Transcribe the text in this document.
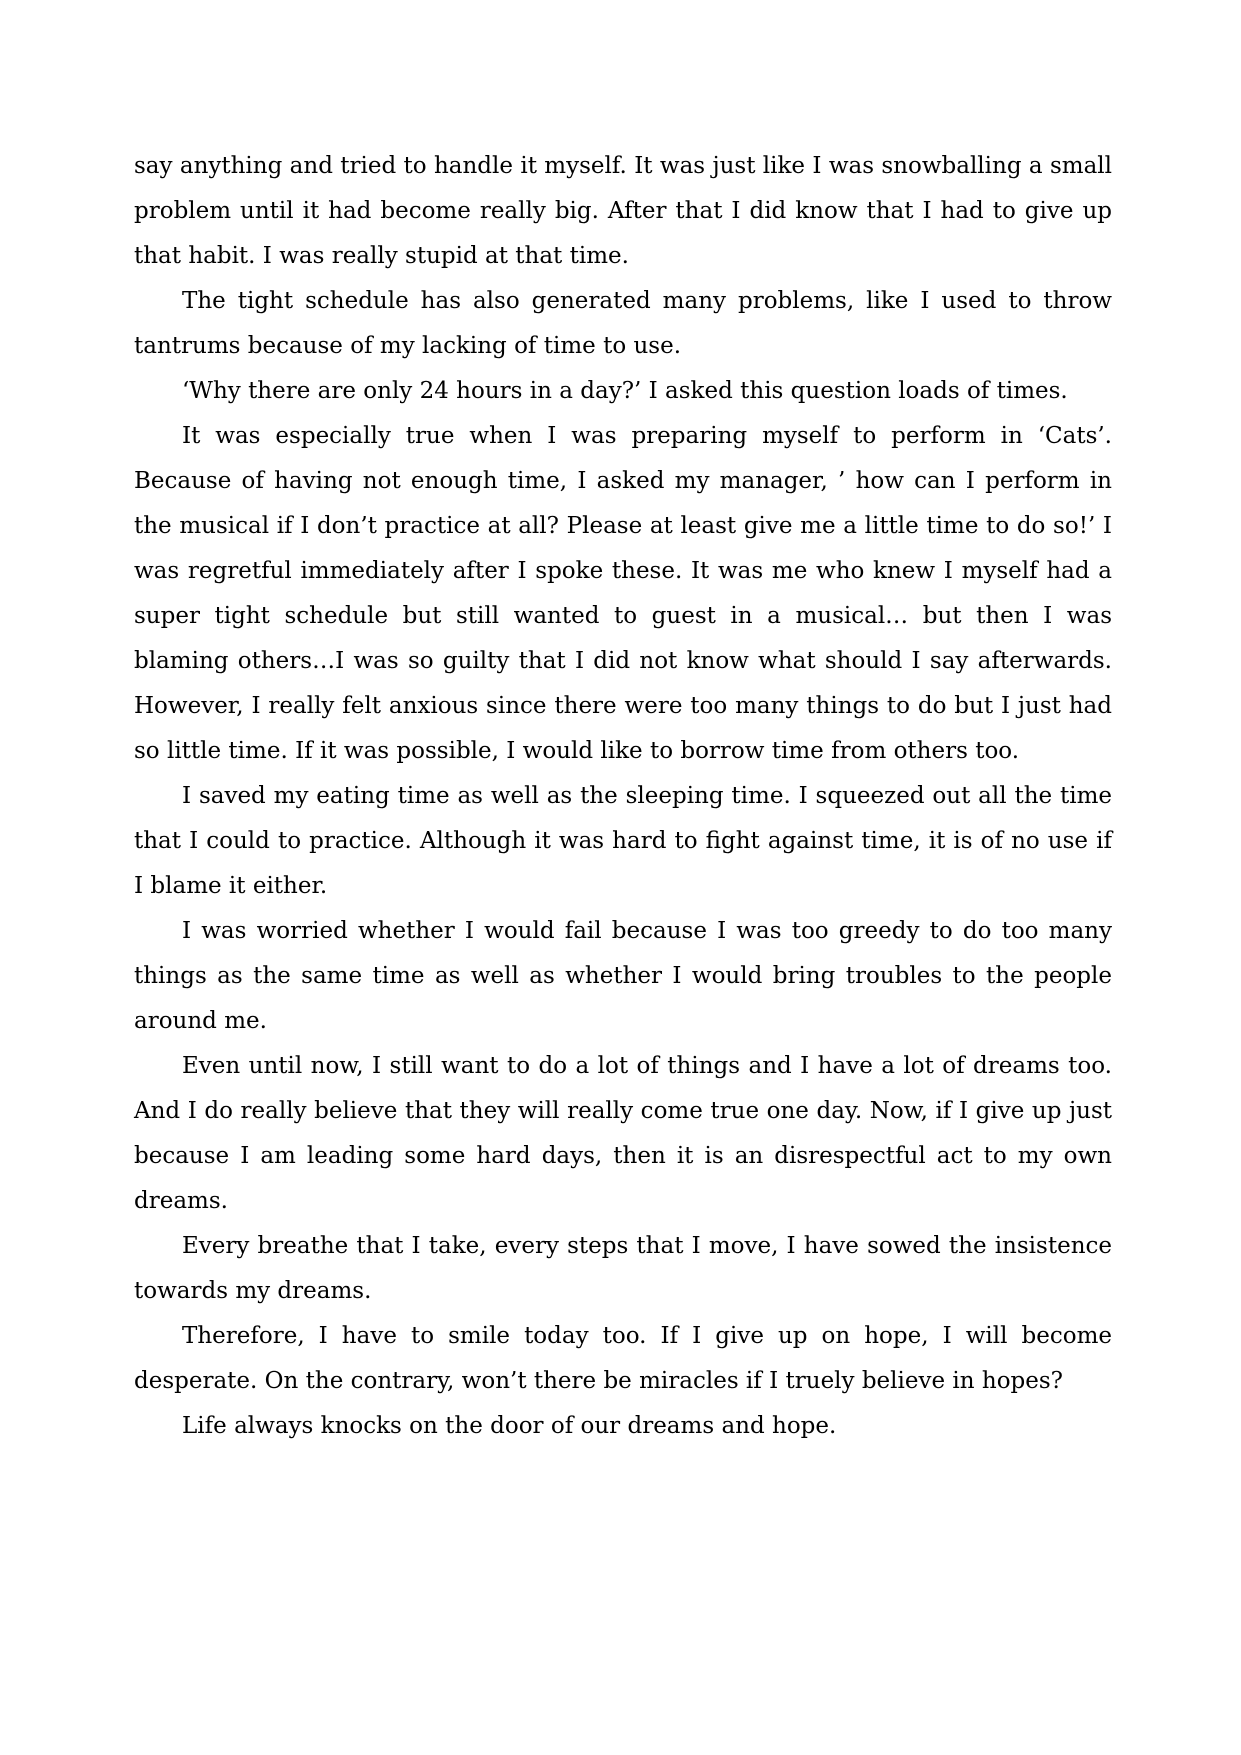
say anything and tried to handle it myself. It was just like I was snowballing a small problem until it had become really big. After that I did know that I had to give up that habit. I was really stupid at that time.

The tight schedule has also generated many problems, like I used to throw tantrums because of my lacking of time to use.

‘Why there are only 24 hours in a day?’ I asked this question loads of times.

It was especially true when I was preparing myself to perform in ‘Cats’. Because of having not enough time, I asked my manager, ’ how can I perform in the musical if I don’t practice at all? Please at least give me a little time to do so!’ I was regretful immediately after I spoke these. It was me who knew I myself had a super tight schedule but still wanted to guest in a musical… but then I was blaming others…I was so guilty that I did not know what should I say afterwards. However, I really felt anxious since there were too many things to do but I just had so little time. If it was possible, I would like to borrow time from others too.

I saved my eating time as well as the sleeping time. I squeezed out all the time that I could to practice. Although it was hard to fight against time, it is of no use if I blame it either.

I was worried whether I would fail because I was too greedy to do too many things as the same time as well as whether I would bring troubles to the people around me.

Even until now, I still want to do a lot of things and I have a lot of dreams too. And I do really believe that they will really come true one day. Now, if I give up just because I am leading some hard days, then it is an disrespectful act to my own dreams.

Every breathe that I take, every steps that I move, I have sowed the insistence towards my dreams.

Therefore, I have to smile today too. If I give up on hope, I will become desperate. On the contrary, won’t there be miracles if I truely believe in hopes?

Life always knocks on the door of our dreams and hope.
